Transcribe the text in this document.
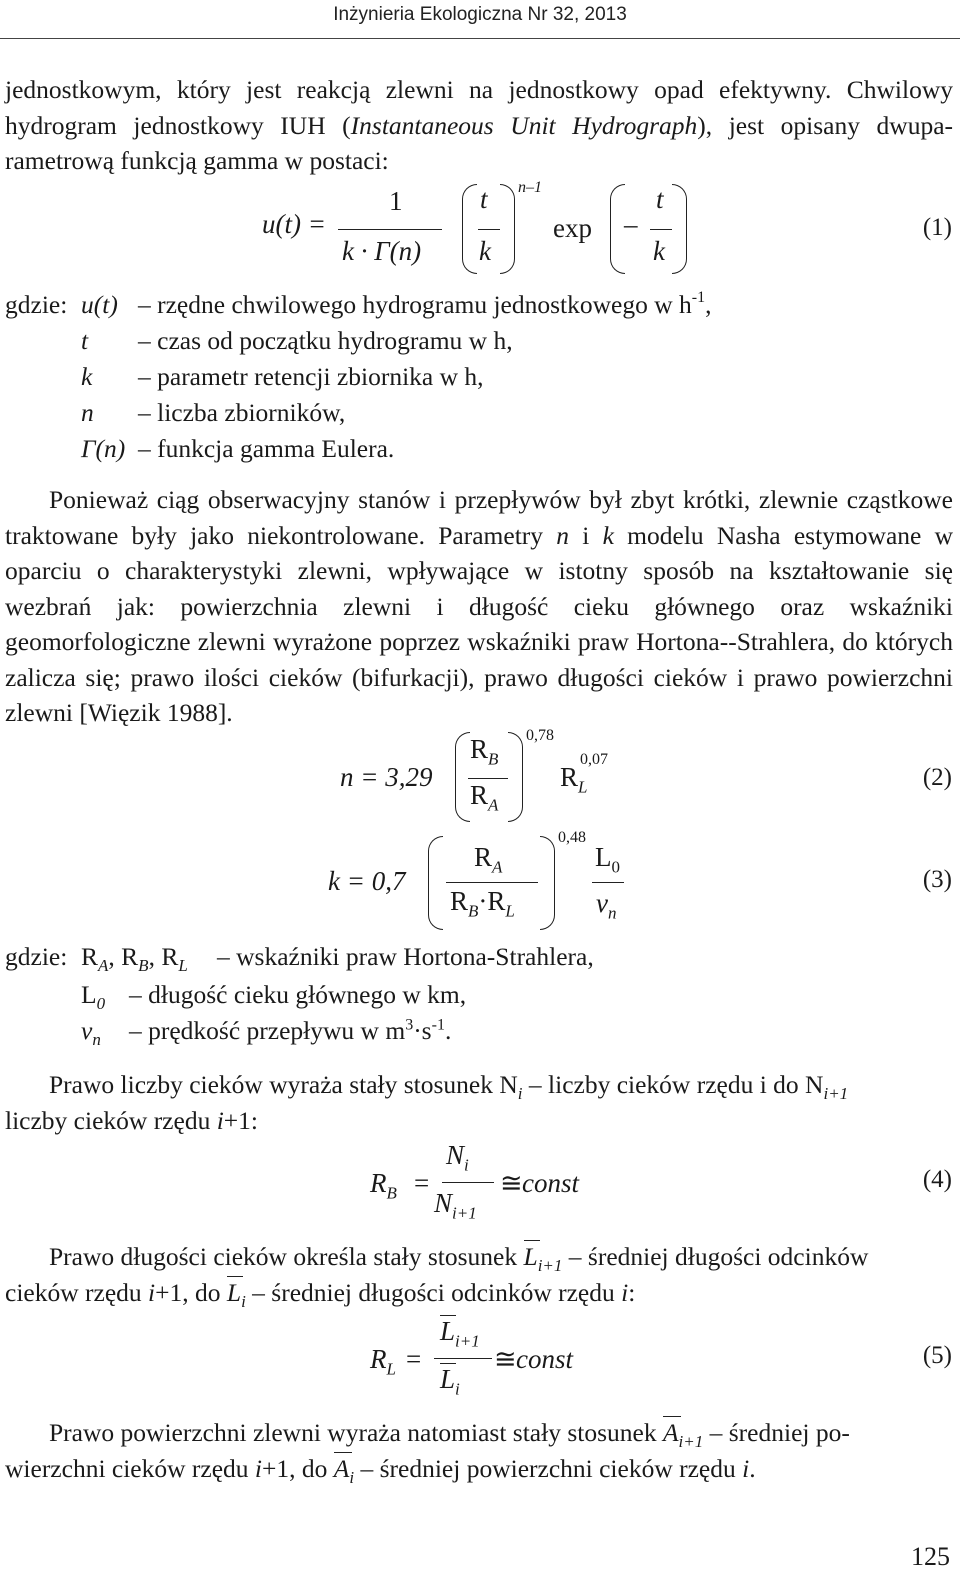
Inżynieria Ekologiczna Nr 32, 2013

jednostkowym, który jest reakcją zlewni na jednostkowy opad efektywny. Chwilowy hydrogram jednostkowy IUH (Instantaneous Unit Hydrograph), jest opisany dwupa-rametrową funkcją gamma w postaci:

u(t) =
1
k · Γ(n)
t
k
n–1
exp –
t
k
(1)
gdzie: u(t) – rzędne chwilowego hydrogramu jednostkowego w $h^{-1}$,
t – czas od początku hydrogramu w h,
k – parametr retencji zbiornika w h,
n – liczba zbiorników,
Γ(n) – funkcja gamma Eulera.

Ponieważ ciąg obserwacyjny stanów i przepływów był zbyt krótki, zlewnie cząstkowe traktowane były jako niekontrolowane. Parametry n i k modelu Nasha estymowane w oparciu o charakterystyki zlewni, wpływające w istotny sposób na kształtowanie się wezbrań jak: powierzchnia zlewni i długość cieku głównego oraz wskaźniki geomorfologiczne zlewni wyrażone poprzez wskaźniki praw Hortona--Strahlera, do których zalicza się; prawo ilości cieków (bifurkacji), prawo długości cieków i prawo powierzchni zlewni [Więzik 1988].

n = 3,29
$R_B$
$R_A$
0,78
$R_L$
0,07
(2)
k = 0,7
$R_A$
$R_B\cdot R_L$
0,48
$L_0$
$v_n$
(3)
gdzie: $R_A$, $R_B$, $R_L$ – wskaźniki praw Hortona-Strahlera,
$L_0$ – długość cieku głównego w km,
$v_n$ – prędkość przepływu w $m^3\cdot s^{-1}$.
Prawo liczby cieków wyraża stały stosunek $N_i$ – liczby cieków rzędu i do $N_{i+1}$
liczby cieków rzędu i+1:
$R_B$ =
$N_i$
$N_{i+1}$
≅ const	(4)
Prawo długości cieków określa stały stosunek $L_{i+1}$
– średniej długości odcinków
cieków rzędu i+1, do $L_i$
– średniej długości odcinków rzędu i:
$R_L$ =
$L_{i+1}$
$L_i$
≅ const	(5)
Prawo powierzchni zlewni wyraża natomiast stały stosunek $A_{i+1}$
– średniej po-
wierzchni cieków rzędu i+1, do $A_i$
– średniej powierzchni cieków rzędu i.
125
